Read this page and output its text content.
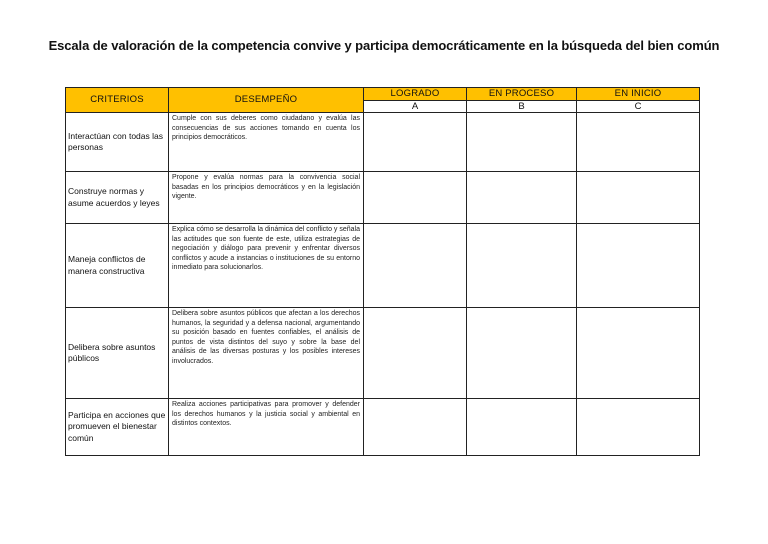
Escala de valoración de la competencia convive y participa democráticamente en la búsqueda del bien común
CRITERIOS	DESEMPEÑO	LOGRADO	EN PROCESO	EN INICIO
		A	B	C
Interactúan con todas las personas	Cumple con sus deberes como ciudadano y evalúa las consecuencias de sus acciones tomando en cuenta los principios democráticos.			
Construye normas y asume acuerdos y leyes	Propone y evalúa normas para la convivencia social basadas en los principios democráticos y en la legislación vigente.			
Maneja conflictos de manera constructiva	Explica cómo se desarrolla la dinámica del conflicto y señala las actitudes que son fuente de este, utiliza estrategias de negociación y diálogo para prevenir y enfrentar diversos conflictos y acude a instancias o instituciones de su entorno inmediato para solucionarlos.			
Delibera sobre asuntos públicos	Delibera sobre asuntos públicos que afectan a los derechos humanos, la seguridad y a defensa nacional, argumentando su posición basado en fuentes confiables, el análisis de puntos de vista distintos del suyo y sobre la base del análisis de las diversas posturas y los posibles intereses involucrados.			
Participa en acciones que promueven el bienestar común	Realiza acciones participativas para promover y defender los derechos humanos y la justicia social y ambiental en distintos contextos.			
